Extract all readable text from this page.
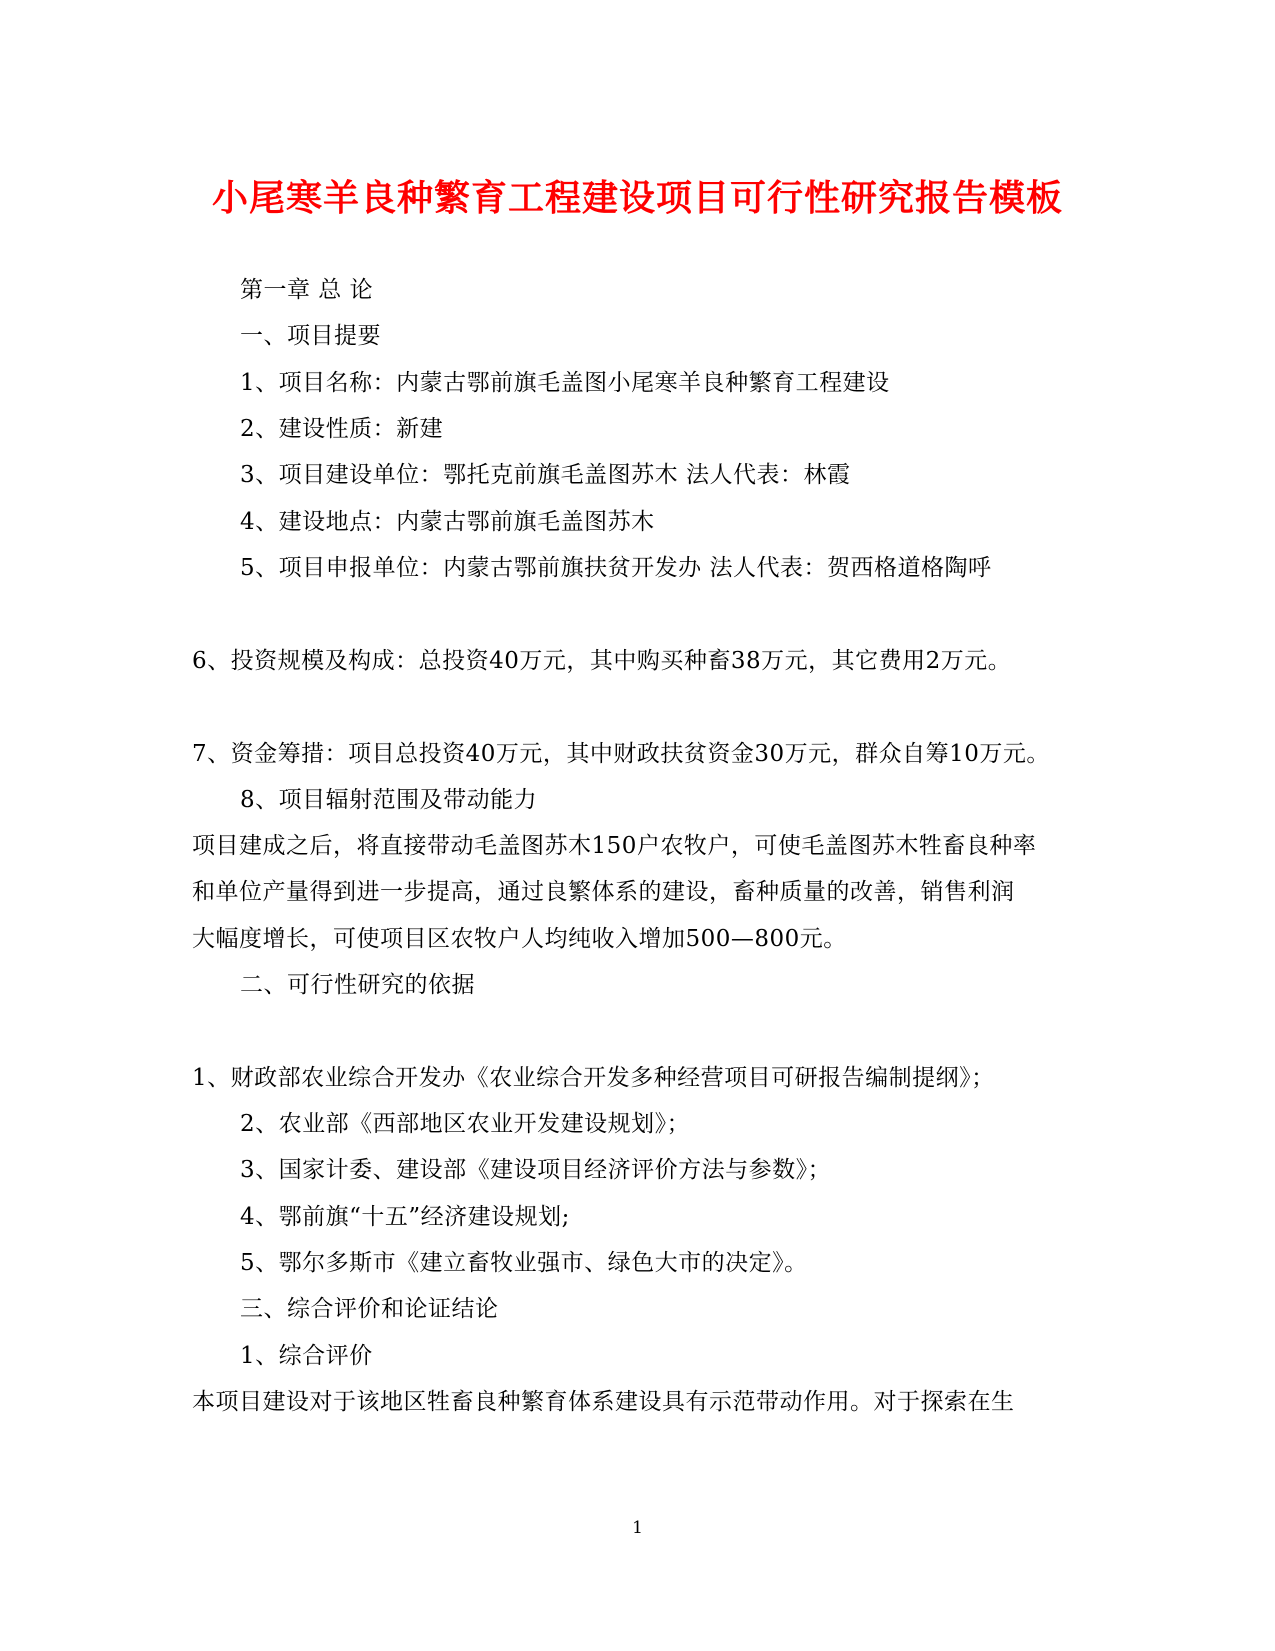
小尾寒羊良种繁育工程建设项目可行性研究报告模板
第一章 总 论
一、项目提要
1、项目名称：内蒙古鄂前旗毛盖图小尾寒羊良种繁育工程建设
2、建设性质：新建
3、项目建设单位：鄂托克前旗毛盖图苏木 法人代表：林霞
4、建设地点：内蒙古鄂前旗毛盖图苏木
5、项目申报单位：内蒙古鄂前旗扶贫开发办 法人代表：贺西格道格陶呼
6、投资规模及构成：总投资40万元，其中购买种畜38万元，其它费用2万元。
7、资金筹措：项目总投资40万元，其中财政扶贫资金30万元，群众自筹10万元。
8、项目辐射范围及带动能力
项目建成之后，将直接带动毛盖图苏木150户农牧户，可使毛盖图苏木牲畜良种率
和单位产量得到进一步提高，通过良繁体系的建设，畜种质量的改善，销售利润
大幅度增长，可使项目区农牧户人均纯收入增加500—800元。
二、可行性研究的依据
1、财政部农业综合开发办《农业综合开发多种经营项目可研报告编制提纲》；
2、农业部《西部地区农业开发建设规划》；
3、国家计委、建设部《建设项目经济评价方法与参数》；
4、鄂前旗“十五”经济建设规划;
5、鄂尔多斯市《建立畜牧业强市、绿色大市的决定》。
三、综合评价和论证结论
1、综合评价
本项目建设对于该地区牲畜良种繁育体系建设具有示范带动作用。对于探索在生
1
